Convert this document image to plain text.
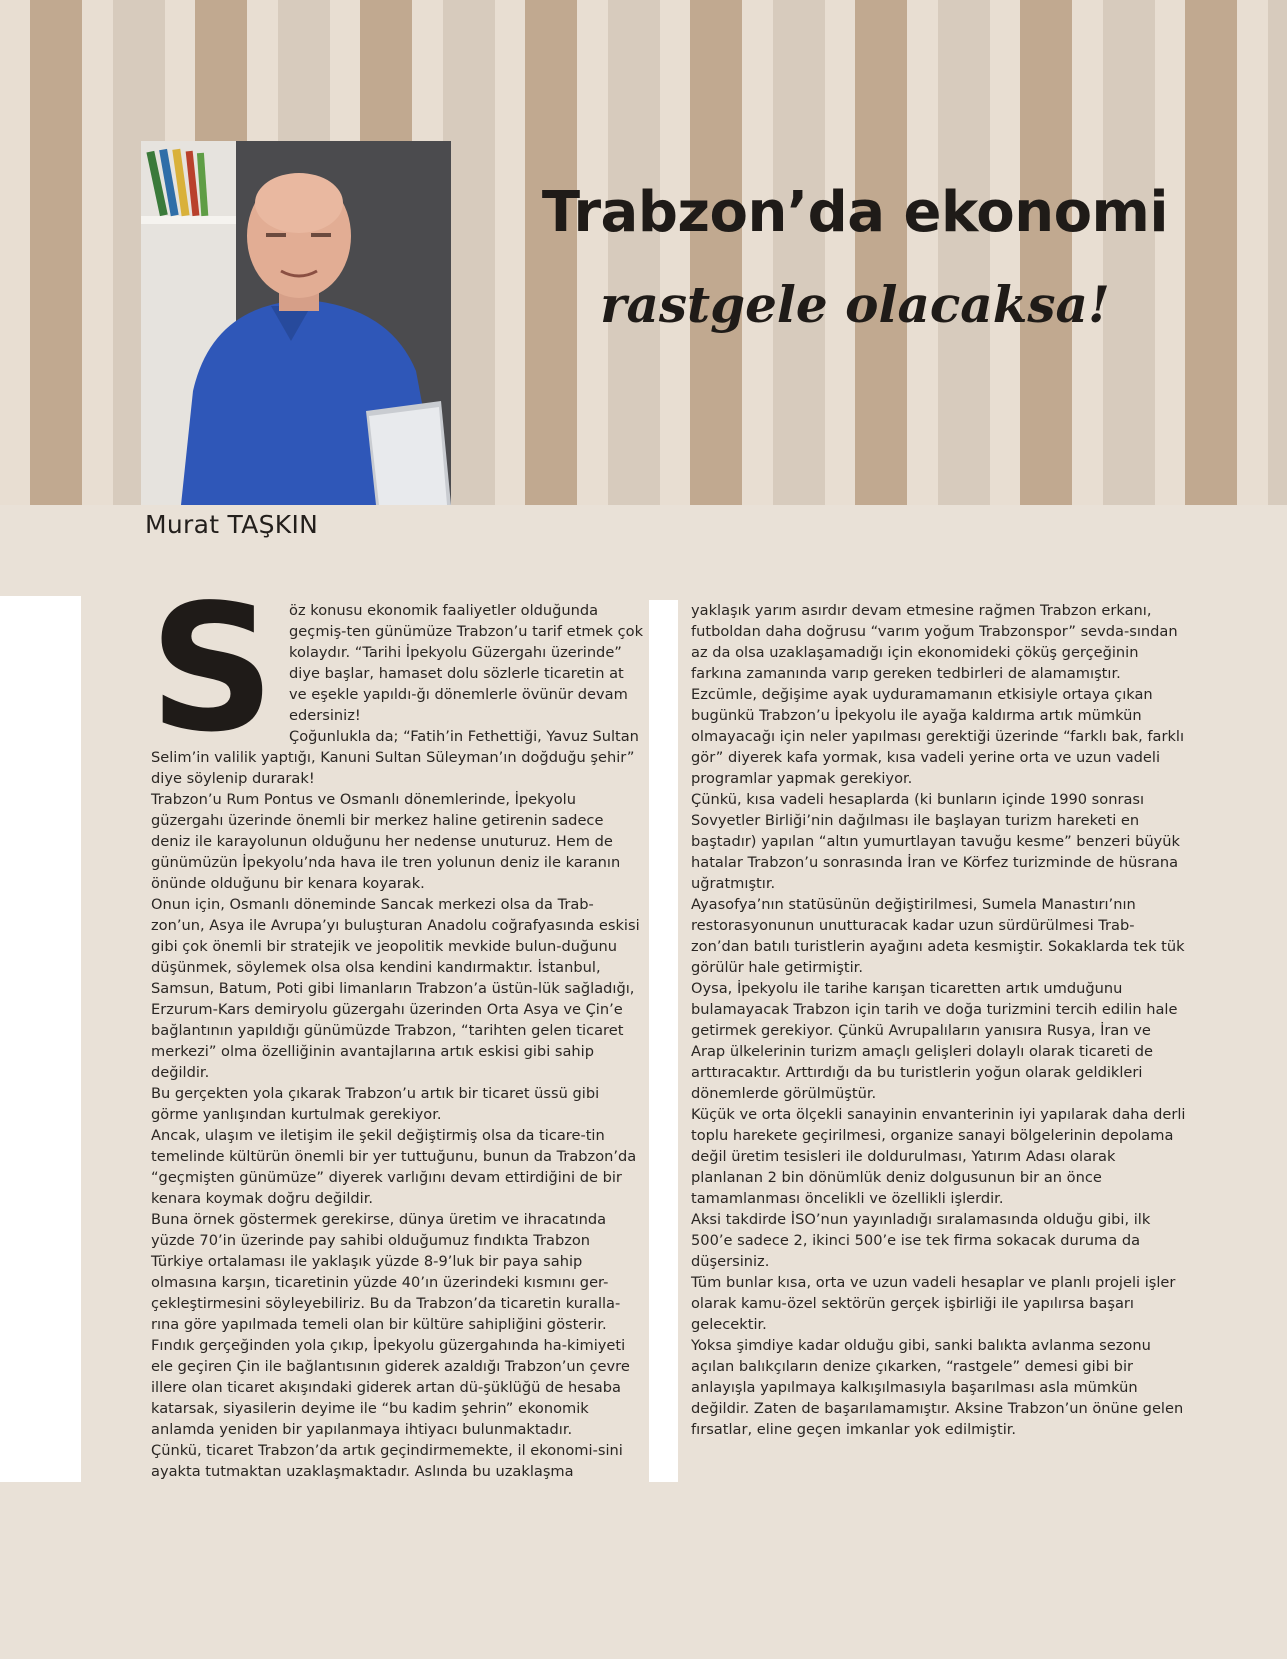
Trabzon’da ekonomi
rastgele olacaksa!

Murat TAŞKIN

S öz konusu ekonomik faaliyetler olduğunda geçmiş-ten günümüze Trabzon’u tarif etmek çok kolaydır. “Tarihi İpekyolu Güzergahı üzerinde” diye başlar, hamaset dolu sözlerle ticaretin at ve eşekle yapıldı-ğı dönemlerle övünür devam edersiniz!

Çoğunlukla da; “Fatih’in Fethettiği, Yavuz Sultan Selim’in valilik yaptığı, Kanuni Sultan Süleyman’ın doğduğu şehir” diye söylenip durarak!

Trabzon’u Rum Pontus ve Osmanlı dönemlerinde, İpekyolu güzergahı üzerinde önemli bir merkez haline getirenin sadece deniz ile karayolunun olduğunu her nedense unuturuz. Hem de günümüzün İpekyolu’nda hava ile tren yolunun deniz ile karanın önünde olduğunu bir kenara koyarak.

Onun için, Osmanlı döneminde Sancak merkezi olsa da Trab-zon’un, Asya ile Avrupa’yı buluşturan Anadolu coğrafyasında eskisi gibi çok önemli bir stratejik ve jeopolitik mevkide bulun-duğunu düşünmek, söylemek olsa olsa kendini kandırmaktır. İstanbul, Samsun, Batum, Poti gibi limanların Trabzon’a üstün-lük sağladığı, Erzurum-Kars demiryolu güzergahı üzerinden Orta Asya ve Çin’e bağlantının yapıldığı günümüzde Trabzon, “tarihten gelen ticaret merkezi” olma özelliğinin avantajlarına artık eskisi gibi sahip değildir.

Bu gerçekten yola çıkarak Trabzon’u artık bir ticaret üssü gibi görme yanlışından kurtulmak gerekiyor.

Ancak, ulaşım ve iletişim ile şekil değiştirmiş olsa da ticare-tin temelinde kültürün önemli bir yer tuttuğunu, bunun da Trabzon’da “geçmişten günümüze” diyerek varlığını devam ettirdiğini de bir kenara koymak doğru değildir.

Buna örnek göstermek gerekirse, dünya üretim ve ihracatında yüzde 70’in üzerinde pay sahibi olduğumuz fındıkta Trabzon Türkiye ortalaması ile yaklaşık yüzde 8-9’luk bir paya sahip olmasına karşın, ticaretinin yüzde 40’ın üzerindeki kısmını ger-çekleştirmesini söyleyebiliriz. Bu da Trabzon’da ticaretin kuralla-rına göre yapılmada temeli olan bir kültüre sahipliğini gösterir.

Fındık gerçeğinden yola çıkıp, İpekyolu güzergahında ha-kimiyeti ele geçiren Çin ile bağlantısının giderek azaldığı Trabzon’un çevre illere olan ticaret akışındaki giderek artan dü-şüklüğü de hesaba katarsak, siyasilerin deyime ile “bu kadim şehrin” ekonomik anlamda yeniden bir yapılanmaya ihtiyacı bulunmaktadır.

Çünkü, ticaret Trabzon’da artık geçindirmemekte, il ekonomi-sini ayakta tutmaktan uzaklaşmaktadır. Aslında bu uzaklaşma

yaklaşık yarım asırdır devam etmesine rağmen Trabzon erkanı, futboldan daha doğrusu “varım yoğum Trabzonspor” sevda-sından az da olsa uzaklaşamadığı için ekonomideki çöküş gerçeğinin farkına zamanında varıp gereken tedbirleri de alamamıştır.

Ezcümle, değişime ayak uyduramamanın etkisiyle ortaya çıkan bugünkü Trabzon’u İpekyolu ile ayağa kaldırma artık mümkün olmayacağı için neler yapılması gerektiği üzerinde “farklı bak, farklı gör” diyerek kafa yormak, kısa vadeli yerine orta ve uzun vadeli programlar yapmak gerekiyor.

Çünkü, kısa vadeli hesaplarda (ki bunların içinde 1990 sonrası Sovyetler Birliği’nin dağılması ile başlayan turizm hareketi en baştadır) yapılan “altın yumurtlayan tavuğu kesme” benzeri büyük hatalar Trabzon’u sonrasında İran ve Körfez turizminde de hüsrana uğratmıştır.

Ayasofya’nın statüsünün değiştirilmesi, Sumela Manastırı’nın restorasyonunun unutturacak kadar uzun sürdürülmesi Trab-zon’dan batılı turistlerin ayağını adeta kesmiştir. Sokaklarda tek tük görülür hale getirmiştir.

Oysa, İpekyolu ile tarihe karışan ticaretten artık umduğunu bulamayacak Trabzon için tarih ve doğa turizmini tercih edilin hale getirmek gerekiyor. Çünkü Avrupalıların yanısıra Rusya, İran ve Arap ülkelerinin turizm amaçlı gelişleri dolaylı olarak ticareti de arttıracaktır. Arttırdığı da bu turistlerin yoğun olarak geldikleri dönemlerde görülmüştür.

Küçük ve orta ölçekli sanayinin envanterinin iyi yapılarak daha derli toplu harekete geçirilmesi, organize sanayi bölgelerinin depolama değil üretim tesisleri ile doldurulması, Yatırım Adası olarak planlanan 2 bin dönümlük deniz dolgusunun bir an önce tamamlanması öncelikli ve özellikli işlerdir.

Aksi takdirde İSO’nun yayınladığı sıralamasında olduğu gibi, ilk 500’e sadece 2, ikinci 500’e ise tek firma sokacak duruma da düşersiniz.

Tüm bunlar kısa, orta ve uzun vadeli hesaplar ve planlı projeli işler olarak kamu-özel sektörün gerçek işbirliği ile yapılırsa başarı gelecektir.

Yoksa şimdiye kadar olduğu gibi, sanki balıkta avlanma sezonu açılan balıkçıların denize çıkarken, “rastgele” demesi gibi bir anlayışla yapılmaya kalkışılmasıyla başarılması asla mümkün değildir. Zaten de başarılamamıştır. Aksine Trabzon’un önüne gelen fırsatlar, eline geçen imkanlar yok edilmiştir.
